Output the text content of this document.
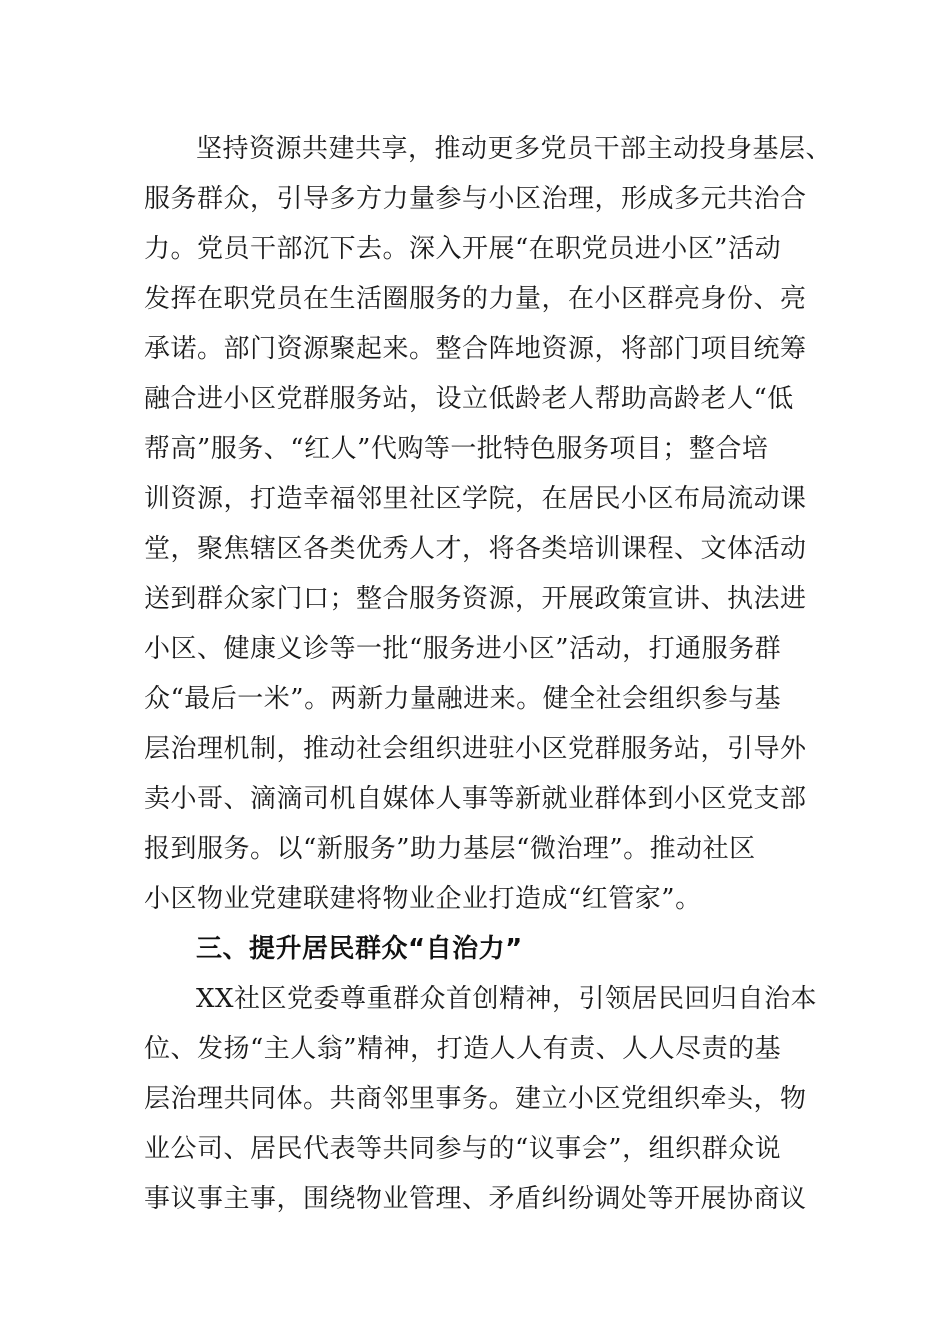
坚持资源共建共享，推动更多党员干部主动投身基层、

服务群众，引导多方力量参与小区治理，形成多元共治合

力。党员干部沉下去。深入开展“在职党员进小区”活动

发挥在职党员在生活圈服务的力量，在小区群亮身份、亮

承诺。部门资源聚起来。整合阵地资源，将部门项目统筹

融合进小区党群服务站，设立低龄老人帮助高龄老人“低

帮高”服务、“红人”代购等一批特色服务项目；整合培

训资源，打造幸福邻里社区学院，在居民小区布局流动课

堂，聚焦辖区各类优秀人才，将各类培训课程、文体活动

送到群众家门口；整合服务资源，开展政策宣讲、执法进

小区、健康义诊等一批“服务进小区”活动，打通服务群

众“最后一米”。两新力量融进来。健全社会组织参与基

层治理机制，推动社会组织进驻小区党群服务站，引导外

卖小哥、滴滴司机自媒体人事等新就业群体到小区党支部

报到服务。以“新服务”助力基层“微治理”。推动社区

小区物业党建联建将物业企业打造成“红管家”。

三、提升居民群众“自治力”

XX社区党委尊重群众首创精神，引领居民回归自治本

位、发扬“主人翁”精神，打造人人有责、人人尽责的基

层治理共同体。共商邻里事务。建立小区党组织牵头，物

业公司、居民代表等共同参与的“议事会”，组织群众说

事议事主事，围绕物业管理、矛盾纠纷调处等开展协商议
